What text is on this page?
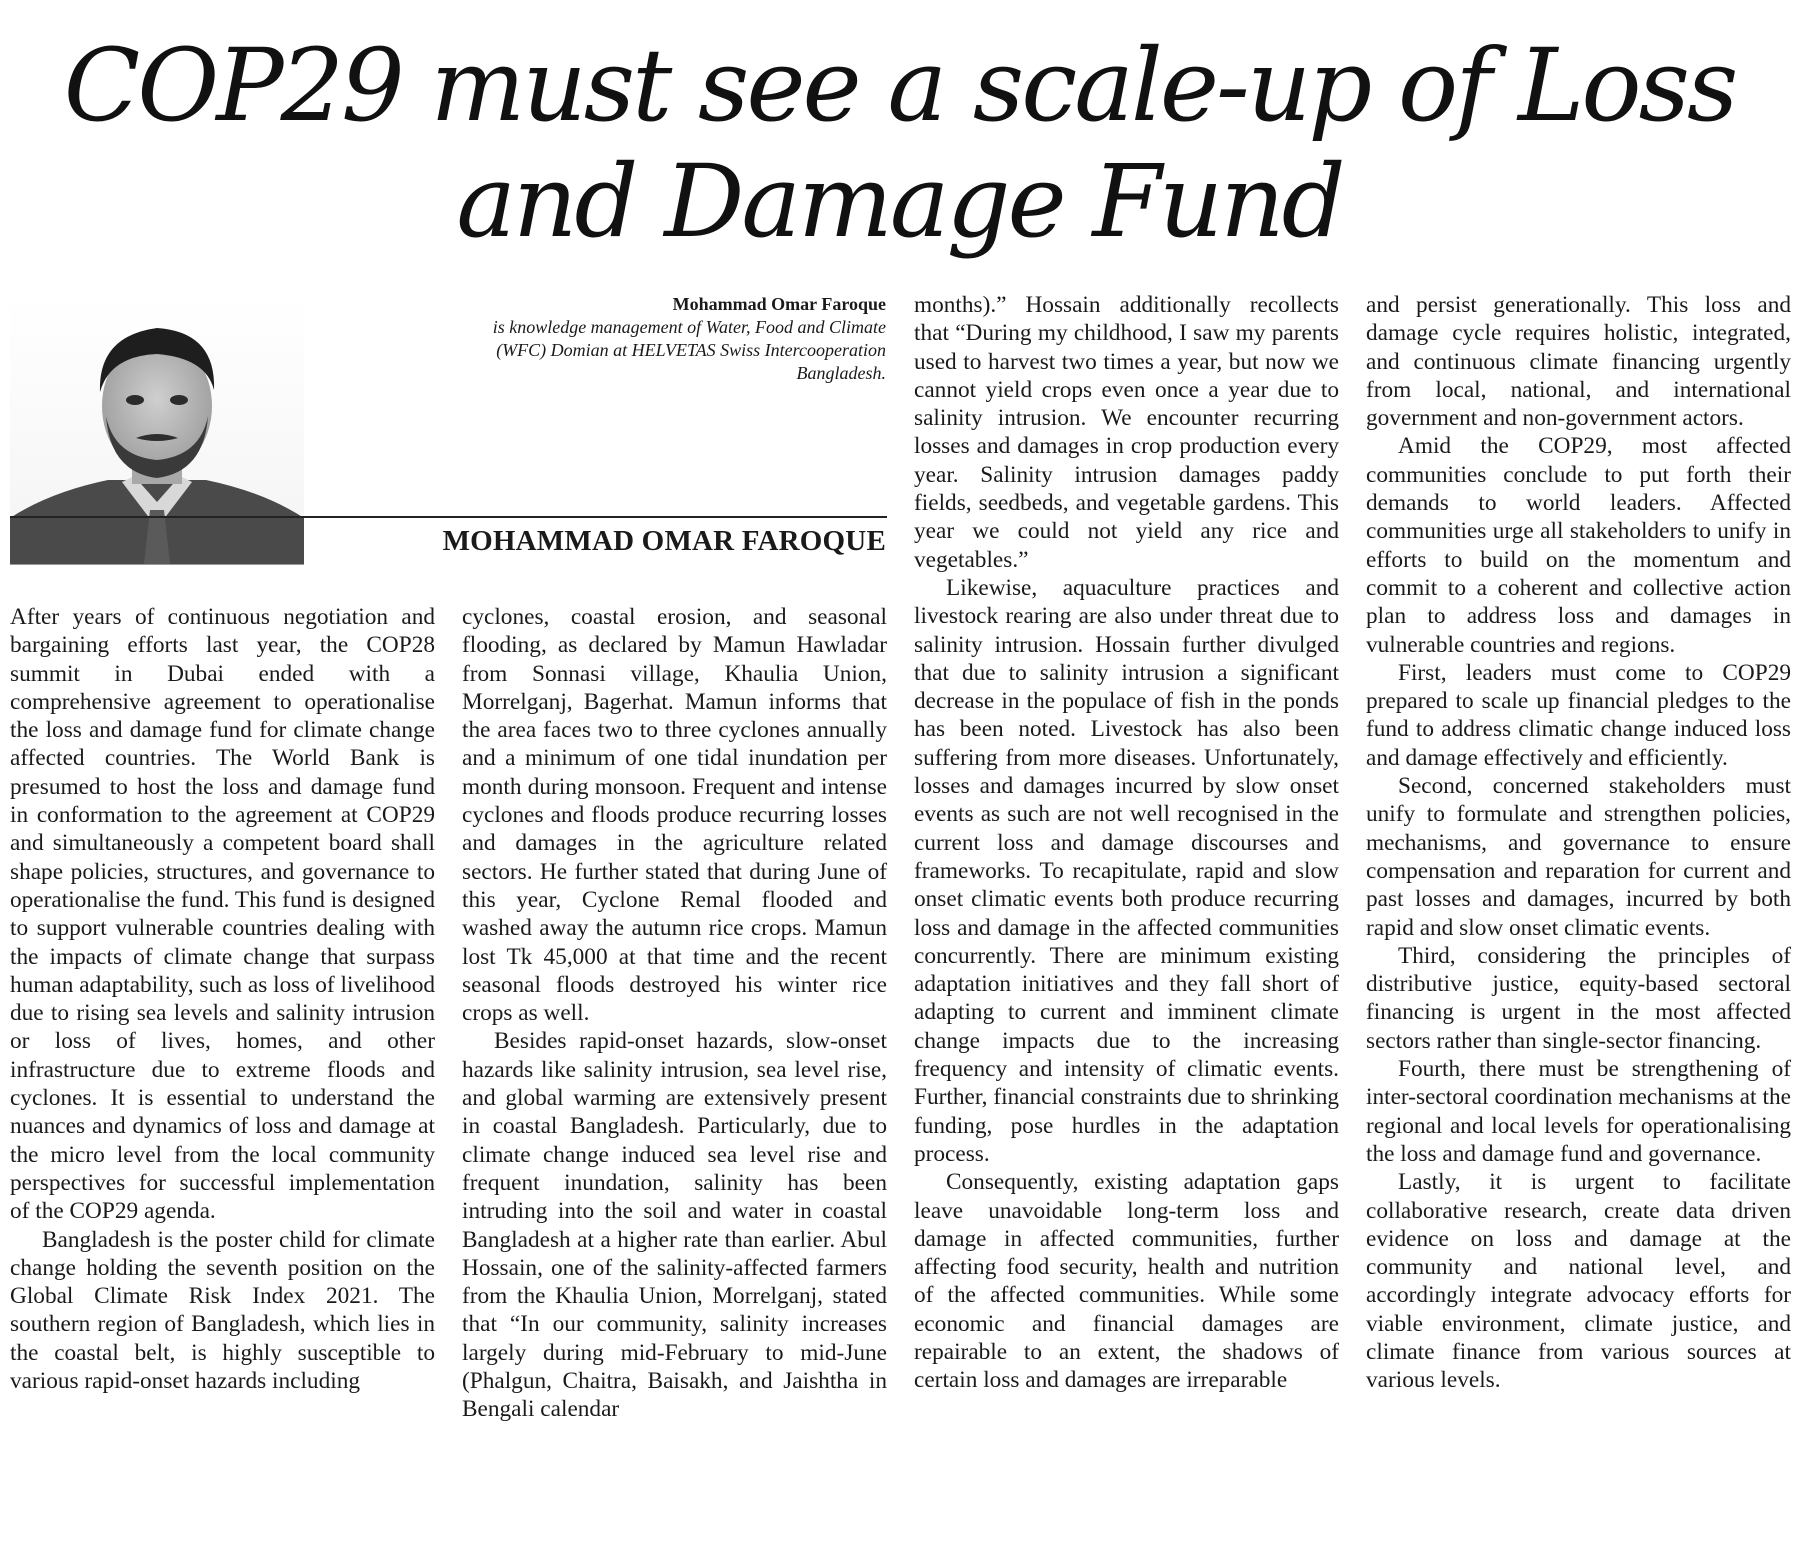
COP29 must see a scale-up of Loss and Damage Fund
Mohammad Omar Faroque
is knowledge management of Water, Food and Climate (WFC) Domian at HELVETAS Swiss Intercooperation Bangladesh.
MOHAMMAD OMAR FAROQUE

After years of continuous negotiation and bargaining efforts last year, the COP28 summit in Dubai ended with a comprehensive agreement to operationalise the loss and damage fund for climate change affected countries. The World Bank is presumed to host the loss and damage fund in conformation to the agreement at COP29 and simultaneously a competent board shall shape policies, structures, and governance to operationalise the fund. This fund is designed to support vulnerable countries dealing with the impacts of climate change that surpass human adaptability, such as loss of livelihood due to rising sea levels and salinity intrusion or loss of lives, homes, and other infrastructure due to extreme floods and cyclones. It is essential to understand the nuances and dynamics of loss and damage at the micro level from the local community perspectives for successful implementation of the COP29 agenda.

Bangladesh is the poster child for climate change holding the seventh position on the Global Climate Risk Index 2021. The southern region of Bangladesh, which lies in the coastal belt, is highly susceptible to various rapid-onset hazards including

cyclones, coastal erosion, and seasonal flooding, as declared by Mamun Hawladar from Sonnasi village, Khaulia Union, Morrelganj, Bagerhat. Mamun informs that the area faces two to three cyclones annually and a minimum of one tidal inundation per month during monsoon. Frequent and intense cyclones and floods produce recurring losses and damages in the agriculture related sectors. He further stated that during June of this year, Cyclone Remal flooded and washed away the autumn rice crops. Mamun lost Tk 45,000 at that time and the recent seasonal floods destroyed his winter rice crops as well.

Besides rapid-onset hazards, slow-onset hazards like salinity intrusion, sea level rise, and global warming are extensively present in coastal Bangladesh. Particularly, due to climate change induced sea level rise and frequent inundation, salinity has been intruding into the soil and water in coastal Bangladesh at a higher rate than earlier. Abul Hossain, one of the salinity-affected farmers from the Khaulia Union, Morrelganj, stated that “In our community, salinity increases largely during mid-February to mid-June (Phalgun, Chaitra, Baisakh, and Jaishtha in Bengali calendar

months).” Hossain additionally recollects that “During my childhood, I saw my parents used to harvest two times a year, but now we cannot yield crops even once a year due to salinity intrusion. We encounter recurring losses and damages in crop production every year. Salinity intrusion damages paddy fields, seedbeds, and vegetable gardens. This year we could not yield any rice and vegetables.”

Likewise, aquaculture practices and livestock rearing are also under threat due to salinity intrusion. Hossain further divulged that due to salinity intrusion a significant decrease in the populace of fish in the ponds has been noted. Livestock has also been suffering from more diseases. Unfortunately, losses and damages incurred by slow onset events as such are not well recognised in the current loss and damage discourses and frameworks. To recapitulate, rapid and slow onset climatic events both produce recurring loss and damage in the affected communities concurrently. There are minimum existing adaptation initiatives and they fall short of adapting to current and imminent climate change impacts due to the increasing frequency and intensity of climatic events. Further, financial constraints due to shrinking funding, pose hurdles in the adaptation process.

Consequently, existing adaptation gaps leave unavoidable long-term loss and damage in affected communities, further affecting food security, health and nutrition of the affected communities. While some economic and financial damages are repairable to an extent, the shadows of certain loss and damages are irreparable

and persist generationally. This loss and damage cycle requires holistic, integrated, and continuous climate financing urgently from local, national, and international government and non-government actors.

Amid the COP29, most affected communities conclude to put forth their demands to world leaders. Affected communities urge all stakeholders to unify in efforts to build on the momentum and commit to a coherent and collective action plan to address loss and damages in vulnerable countries and regions.

First, leaders must come to COP29 prepared to scale up financial pledges to the fund to address climatic change induced loss and damage effectively and efficiently.

Second, concerned stakeholders must unify to formulate and strengthen policies, mechanisms, and governance to ensure compensation and reparation for current and past losses and damages, incurred by both rapid and slow onset climatic events.

Third, considering the principles of distributive justice, equity-based sectoral financing is urgent in the most affected sectors rather than single-sector financing.

Fourth, there must be strengthening of inter-sectoral coordination mechanisms at the regional and local levels for operationalising the loss and damage fund and governance.

Lastly, it is urgent to facilitate collaborative research, create data driven evidence on loss and damage at the community and national level, and accordingly integrate advocacy efforts for viable environment, climate justice, and climate finance from various sources at various levels.
